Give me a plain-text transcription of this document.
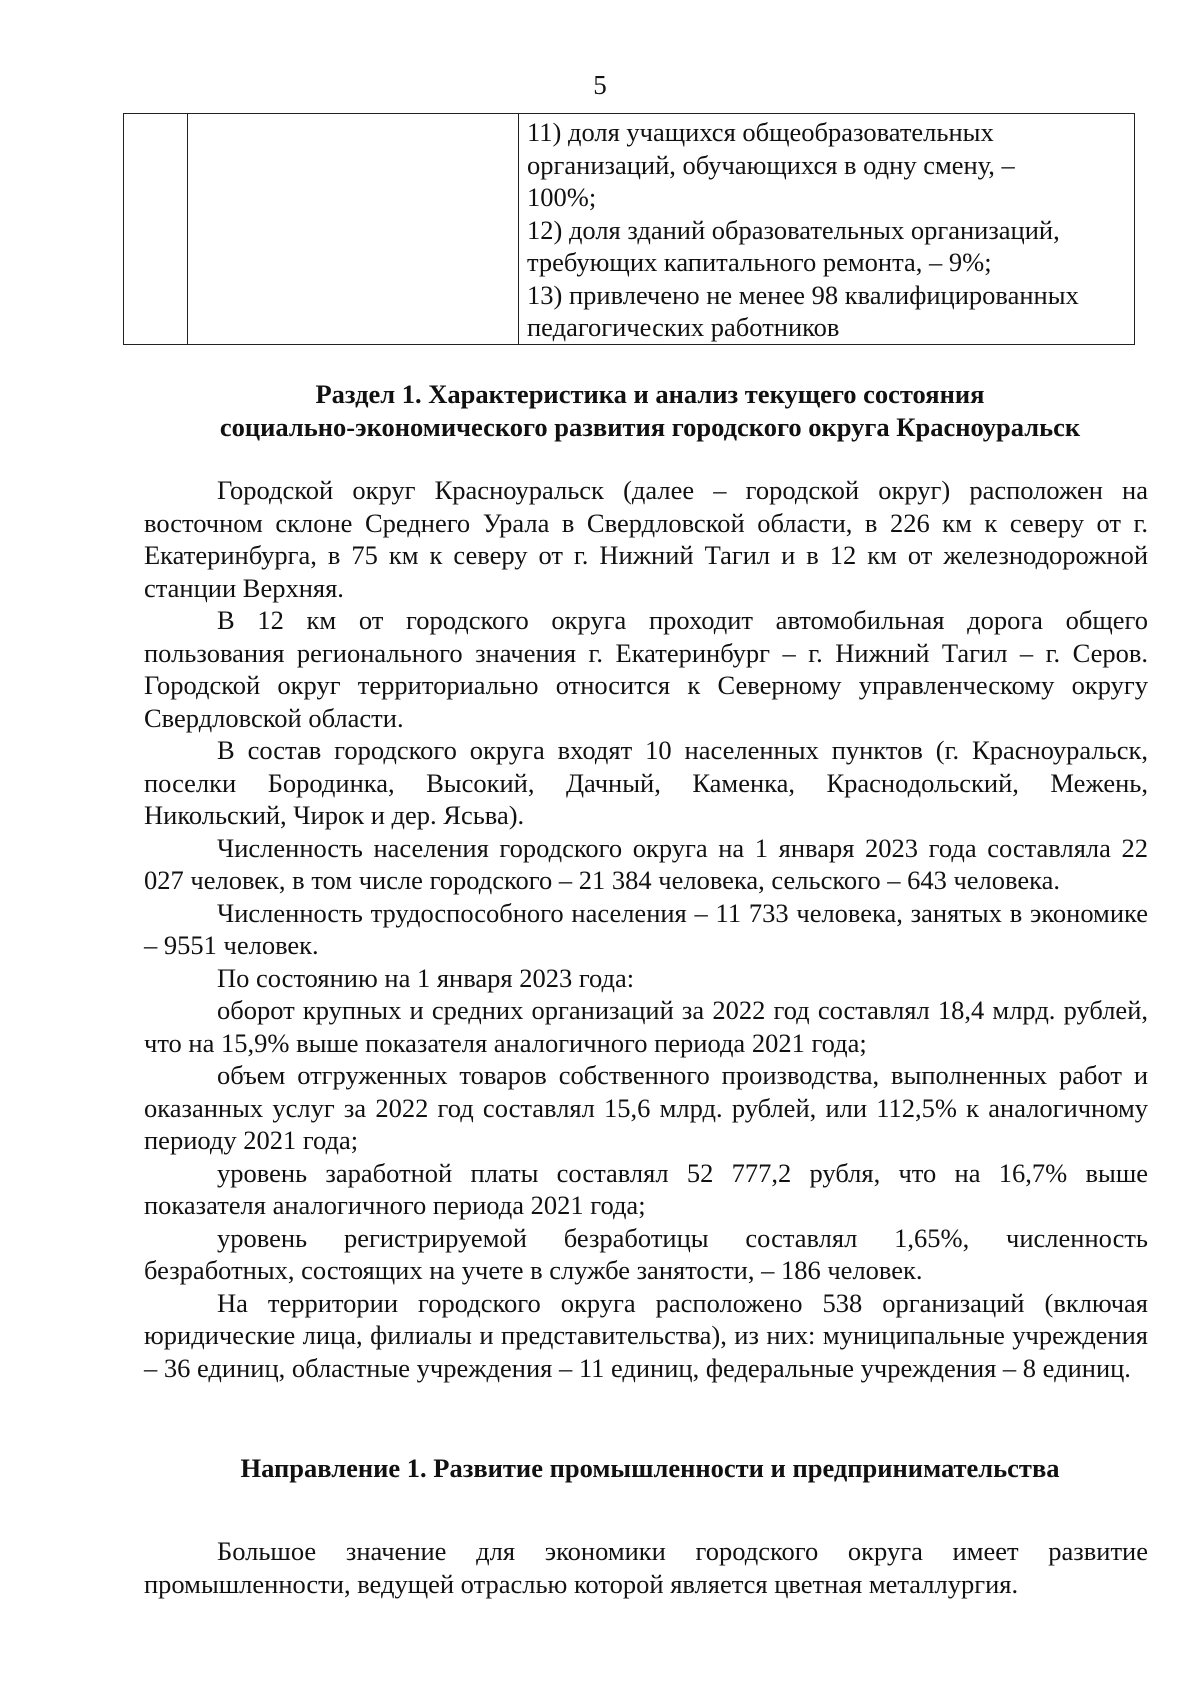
5

11) доля учащихся общеобразовательных
организаций, обучающихся в одну смену, –
100%;
12) доля зданий образовательных организаций,
требующих капитального ремонта, – 9%;
13) привлечено не менее 98 квалифицированных
педагогических работников
Раздел 1. Характеристика и анализ текущего состояния
социально-экономического развития городского округа Красноуральск

Городской округ Красноуральск (далее – городской округ) расположен на восточном склоне Среднего Урала в Свердловской области, в 226 км к северу от г. Екатеринбурга, в 75 км к северу от г. Нижний Тагил и в 12 км от железнодорожной станции Верхняя.

В 12 км от городского округа проходит автомобильная дорога общего пользования регионального значения г. Екатеринбург – г. Нижний Тагил – г. Серов. Городской округ территориально относится к Северному управленческому округу Свердловской области.

В состав городского округа входят 10 населенных пунктов (г. Красноуральск, поселки Бородинка, Высокий, Дачный, Каменка, Краснодольский, Межень, Никольский, Чирок и дер. Ясьва).

Численность населения городского округа на 1 января 2023 года составляла 22 027 человек, в том числе городского – 21 384 человека, сельского – 643 человека.

Численность трудоспособного населения – 11 733 человека, занятых в экономике – 9551 человек.

По состоянию на 1 января 2023 года:

оборот крупных и средних организаций за 2022 год составлял 18,4 млрд. рублей, что на 15,9% выше показателя аналогичного периода 2021 года;

объем отгруженных товаров собственного производства, выполненных работ и оказанных услуг за 2022 год составлял 15,6 млрд. рублей, или 112,5% к аналогичному периоду 2021 года;

уровень заработной платы составлял 52 777,2 рубля, что на 16,7% выше показателя аналогичного периода 2021 года;

уровень регистрируемой безработицы составлял 1,65%, численность безработных, состоящих на учете в службе занятости, – 186 человек.

На территории городского округа расположено 538 организаций (включая юридические лица, филиалы и представительства), из них: муниципальные учреждения – 36 единиц, областные учреждения – 11 единиц, федеральные учреждения – 8 единиц.

Направление 1. Развитие промышленности и предпринимательства

Большое значение для экономики городского округа имеет развитие промышленности, ведущей отраслью которой является цветная металлургия.
